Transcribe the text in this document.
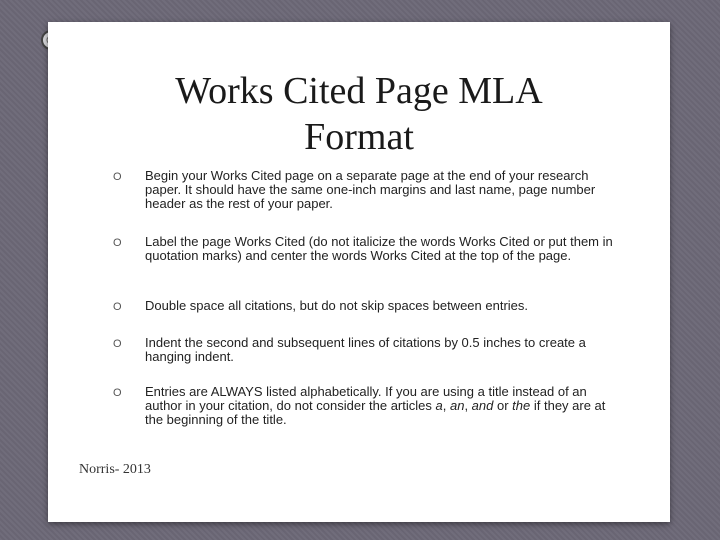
Works Cited Page MLA
Format
O Begin your Works Cited page on a separate page at the end of your research paper. It should have the same one-inch margins and last name, page number header as the rest of your paper.
O Label the page Works Cited (do not italicize the words Works Cited or put them in quotation marks) and center the words Works Cited at the top of the page.
O Double space all citations, but do not skip spaces between entries.
O Indent the second and subsequent lines of citations by 0.5 inches to create a hanging indent.
O Entries are ALWAYS listed alphabetically. If you are using a title instead of an author in your citation, do not consider the articles a, an, and or the if they are at the beginning of the title.
Norris- 2013
